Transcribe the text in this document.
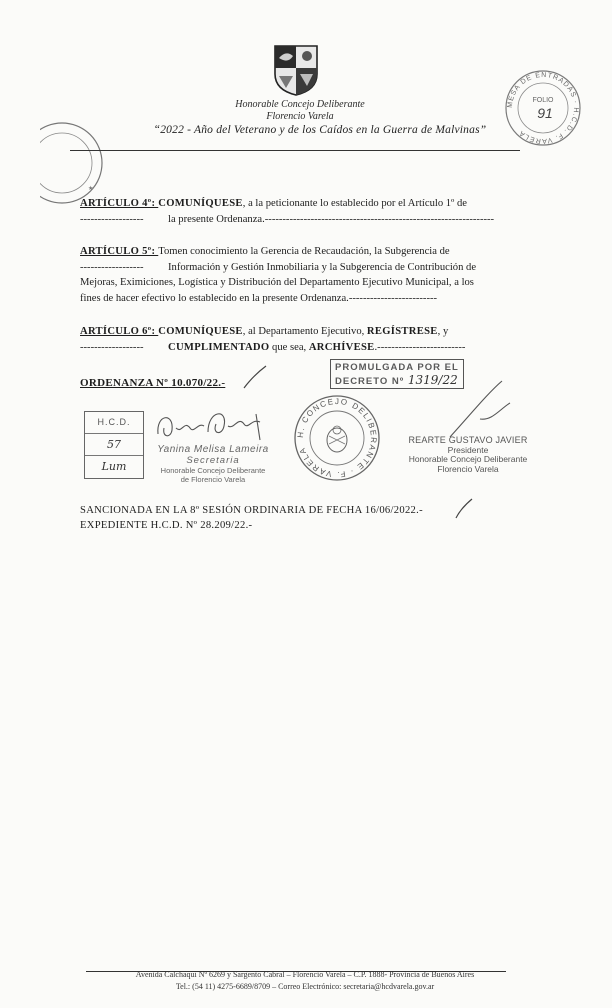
★
MESA DE ENTRADAS · H.C.D. F. VARELA
FOLIO
91
Honorable Concejo Deliberante
Florencio Varela
“2022 - Año del Veterano y de los Caídos en la Guerra de Malvinas”
ARTÍCULO 4º: COMUNÍQUESE, a la peticionante lo establecido por el Artículo 1º de
------------------ la presente Ordenanza.-----------------------------------------------------------------
ARTÍCULO 5º: Tomen conocimiento la Gerencia de Recaudación, la Subgerencia de
------------------ Información y Gestión Inmobiliaria y la Subgerencia de Contribución de
Mejoras, Eximiciones, Logística y Distribución del Departamento Ejecutivo Municipal, a los
fines de hacer efectivo lo establecido en la presente Ordenanza.-------------------------
ARTÍCULO 6º: COMUNÍQUESE, al Departamento Ejecutivo, REGÍSTRESE, y
------------------ CUMPLIMENTADO que sea, ARCHÍVESE.-------------------------
ORDENANZA Nº 10.070/22.-
PROMULGADA POR EL
DECRETO Nº 1319/22
H.C.D.
57
Lum
Yanina Melisa Lameira
Secretaria
Honorable Concejo Deliberante
de Florencio Varela
H. CONCEJO DELIBERANTE · F. VARELA
REARTE GUSTAVO JAVIER
Presidente
Honorable Concejo Deliberante
Florencio Varela
SANCIONADA EN LA 8º SESIÓN ORDINARIA DE FECHA 16/06/2022.-
EXPEDIENTE H.C.D. Nº 28.209/22.-
Avenida Calchaquí Nº 6269 y Sargento Cabral – Florencio Varela – C.P. 1888- Provincia de Buenos Aires
Tel.: (54 11) 4275-6689/8709 – Correo Electrónico: secretaria@hcdvarela.gov.ar
